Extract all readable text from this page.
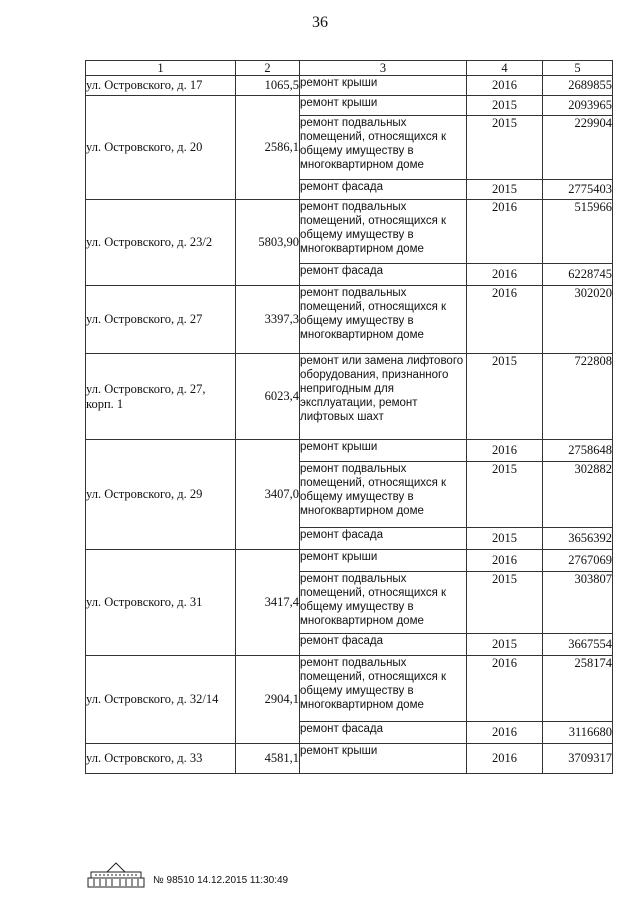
36
1	2	3	4	5
ул. Островского, д. 17	1065,5	ремонт крыши	2016	2689855
ул. Островского, д. 20	2586,1	ремонт крыши	2015	2093965
		ремонт подвальных помещений, относящихся к общему имуществу в многоквартирном доме	2015	229904
		ремонт фасада	2015	2775403
ул. Островского, д. 23/2	5803,90	ремонт подвальных помещений, относящихся к общему имуществу в многоквартирном доме	2016	515966
		ремонт фасада	2016	6228745
ул. Островского, д. 27	3397,3	ремонт подвальных помещений, относящихся к общему имуществу в многоквартирном доме	2016	302020
ул. Островского, д. 27, корп. 1	6023,4	ремонт или замена лифтового оборудования, признанного непригодным для эксплуатации, ремонт лифтовых шахт	2015	722808
ул. Островского, д. 29	3407,0	ремонт крыши	2016	2758648
		ремонт подвальных помещений, относящихся к общему имуществу в многоквартирном доме	2015	302882
		ремонт фасада	2015	3656392
ул. Островского, д. 31	3417,4	ремонт крыши	2016	2767069
		ремонт подвальных помещений, относящихся к общему имуществу в многоквартирном доме	2015	303807
		ремонт фасада	2015	3667554
ул. Островского, д. 32/14	2904,1	ремонт подвальных помещений, относящихся к общему имуществу в многоквартирном доме	2016	258174
		ремонт фасада	2016	3116680
ул. Островского, д. 33	4581,1	ремонт крыши	2016	3709317
№ 98510 14.12.2015 11:30:49
